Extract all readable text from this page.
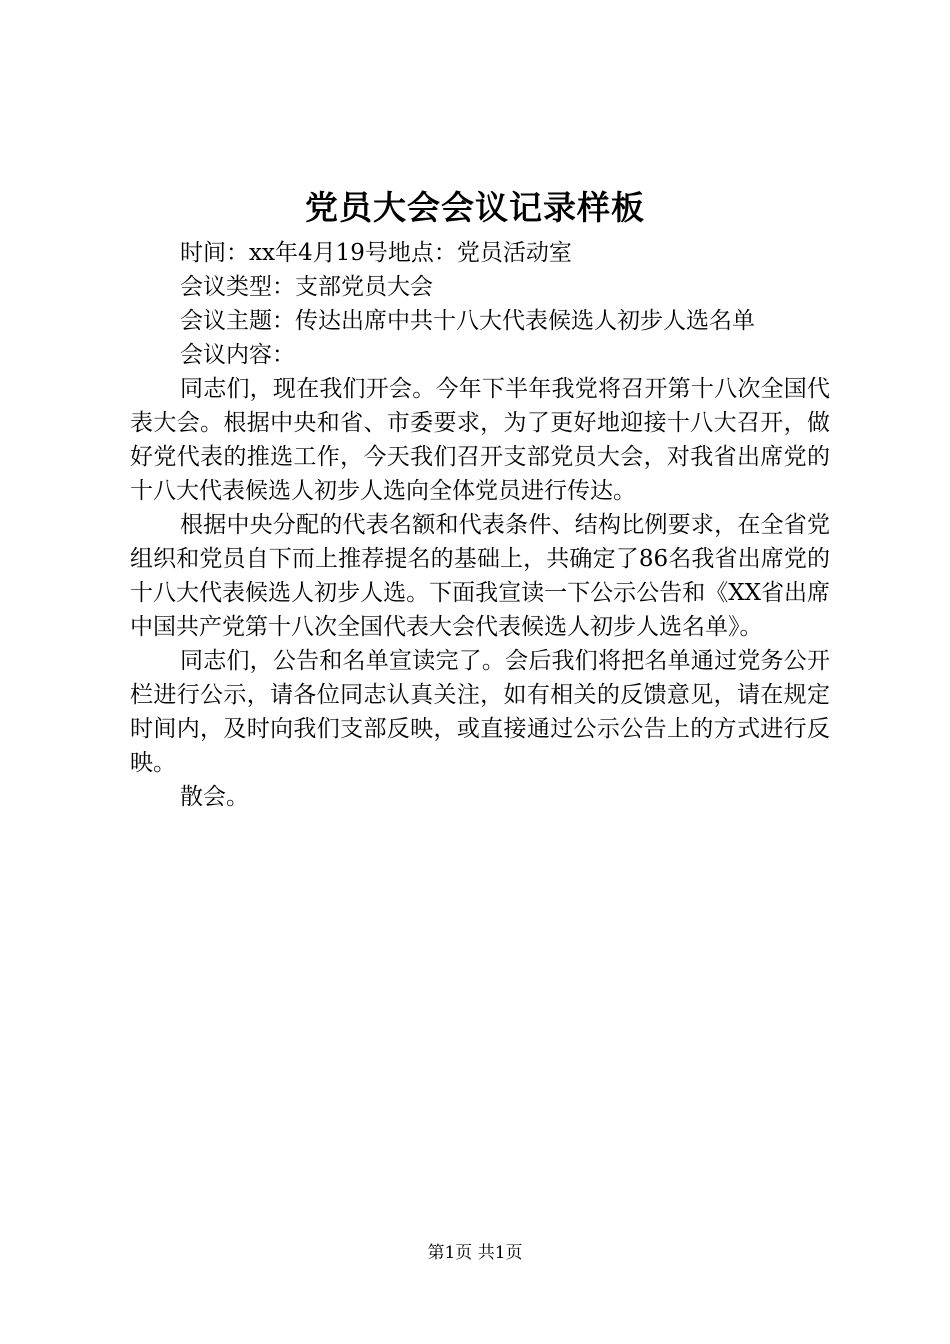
党员大会会议记录样板

时间：xx年4月19号地点：党员活动室

会议类型：支部党员大会

会议主题：传达出席中共十八大代表候选人初步人选名单

会议内容：

同志们，现在我们开会。今年下半年我党将召开第十八次全国代表大会。根据中央和省、市委要求，为了更好地迎接十八大召开，做好党代表的推选工作，今天我们召开支部党员大会，对我省出席党的十八大代表候选人初步人选向全体党员进行传达。

根据中央分配的代表名额和代表条件、结构比例要求，在全省党组织和党员自下而上推荐提名的基础上，共确定了86名我省出席党的十八大代表候选人初步人选。下面我宣读一下公示公告和《XX省出席中国共产党第十八次全国代表大会代表候选人初步人选名单》。

同志们，公告和名单宣读完了。会后我们将把名单通过党务公开栏进行公示，请各位同志认真关注，如有相关的反馈意见，请在规定时间内，及时向我们支部反映，或直接通过公示公告上的方式进行反映。

散会。

第1页 共1页
